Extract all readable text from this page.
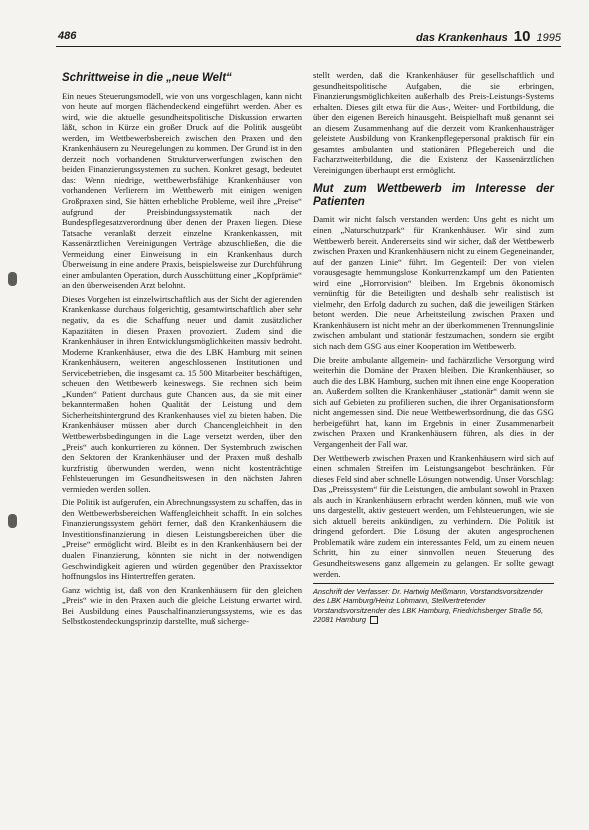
486	das Krankenhaus 10 1995
Schrittweise in die „neue Welt“

Ein neues Steuerungsmodell, wie von uns vorgeschlagen, kann nicht von heute auf morgen flächendeckend eingeführt werden. Aber es wird, wie die aktuelle gesundheitspolitische Diskussion erwarten läßt, schon in Kürze ein großer Druck auf die Politik ausgeübt werden, im Wettbewerbsbereich zwischen den Praxen und den Krankenhäusern zu Neuregelungen zu kommen. Der Grund ist in den derzeit noch vorhandenen Strukturverwerfungen zwischen den beiden Finanzierungssystemen zu suchen. Konkret gesagt, bedeutet das: Wenn niedrige, wettbewerbsfähige Krankenhäuser von vorhandenen Verlierern im Wettbewerb mit einigen wenigen Großpraxen sind, Sie hätten erhebliche Probleme, weil ihre „Preise“ aufgrund der Preisbindungssystematik nach der Bundespflegesatzverordnung über denen der Praxen liegen. Diese Tatsache veranlaßt derzeit einzelne Krankenkassen, mit Kassenärztlichen Vereinigungen Verträge abzuschließen, die die Vermeidung einer Einweisung in ein Krankenhaus durch Überweisung in eine andere Praxis, beispielsweise zur Durchführung einer ambulanten Operation, durch Ausschüttung einer „Kopfprämie“ an den überweisenden Arzt belohnt.

Dieses Vorgehen ist einzelwirtschaftlich aus der Sicht der agierenden Krankenkasse durchaus folgerichtig, gesamtwirtschaftlich aber sehr negativ, da es die Schaffung neuer und damit zusätzlicher Kapazitäten in diesen Praxen provoziert. Zudem sind die Krankenhäuser in ihren Entwicklungsmöglichkeiten massiv bedroht. Moderne Krankenhäuser, etwa die des LBK Hamburg mit seinen Krankenhäusern, weiteren angeschlossenen Institutionen und Servicebetrieben, die insgesamt ca. 15 500 Mitarbeiter beschäftigen, scheuen den Wettbewerb keineswegs. Sie rechnen sich beim „Kunden“ Patient durchaus gute Chancen aus, da sie mit einer bekanntermaßen hohen Qualität der Leistung und dem Sicherheitshintergrund des Krankenhauses viel zu bieten haben. Die Krankenhäuser müssen aber durch Chancengleichheit in den Wettbewerbsbedingungen in die Lage versetzt werden, über den „Preis“ auch konkurrieren zu können. Der Systembruch zwischen den Sektoren der Krankenhäuser und der Praxen muß deshalb kurzfristig überwunden werden, wenn nicht kostenträchtige Fehlsteuerungen im Gesundheitswesen in den nächsten Jahren vermieden werden sollen.

Die Politik ist aufgerufen, ein Abrechnungssystem zu schaffen, das in den Wettbewerbsbereichen Waffengleichheit schafft. In ein solches Finanzierungssystem gehört ferner, daß den Krankenhäusern die Investitionsfinanzierung in diesen Leistungsbereichen über die „Preise“ ermöglicht wird. Bleibt es in den Krankenhäusern bei der dualen Finanzierung, könnten sie nicht in der notwendigen Geschwindigkeit agieren und würden gegenüber den Praxissektor hoffnungslos ins Hintertreffen geraten.

Ganz wichtig ist, daß von den Krankenhäusern für den gleichen „Preis“ wie in den Praxen auch die gleiche Leistung erwartet wird. Bei Ausbildung eines Pauschalfinanzierungssystems, wie es das Selbstkostendeckungsprinzip darstellte, muß sicherge-

stellt werden, daß die Krankenhäuser für gesellschaftlich und gesundheitspolitische Aufgaben, die sie erbringen, Finanzierungsmöglichkeiten außerhalb des Preis-Leistungs-Systems erhalten. Dieses gilt etwa für die Aus-, Weiter- und Fortbildung, die über den eigenen Bereich hinausgeht. Beispielhaft muß genannt sei an diesem Zusammenhang auf die derzeit vom Krankenhausträger geleistete Ausbildung von Krankenpflegepersonal praktisch für ein gesamtes ambulanten und stationären Pflegebereich und die Facharztweiterbildung, die die Existenz der Kassenärztlichen Vereinigungen überhaupt erst ermöglicht.

Mut zum Wettbewerb im Interesse der Patienten

Damit wir nicht falsch verstanden werden: Uns geht es nicht um einen „Naturschutzpark“ für Krankenhäuser. Wir sind zum Wettbewerb bereit. Andererseits sind wir sicher, daß der Wettbewerb zwischen Praxen und Krankenhäusern nicht zu einem Gegeneinander, auf der ganzen Linie“ führt. Im Gegenteil: Der von vielen vorausgesagte hemmungslose Konkurrenzkampf um den Patienten wird eine „Horrorvision“ bleiben. Im Ergebnis ökonomisch vernünftig für die Beteiligten und deshalb sehr realistisch ist vielmehr, den Erfolg dadurch zu suchen, daß die jeweiligen Stärken betont werden. Die neue Arbeitsteilung zwischen Praxen und Krankenhäusern ist nicht mehr an der überkommenen Trennungslinie zwischen ambulant und stationär festzumachen, sondern sie ergibt sich nach dem GSG aus einer Kooperation im Wettbewerb.

Die breite ambulante allgemein- und fachärztliche Versorgung wird weiterhin die Domäne der Praxen bleiben. Die Krankenhäuser, so auch die des LBK Hamburg, suchen mit ihnen eine enge Kooperation an. Außerdem sollten die Krankenhäuser „stationär“ damit wenn sie sich auf Gebieten zu profilieren suchen, die ihrer Organisationsform nicht angemessen sind. Die neue Wettbewerbsordnung, die das GSG herbeigeführt hat, kann im Ergebnis in einer Zusammenarbeit zwischen Praxen und Krankenhäusern führen, als dies in der Vergangenheit der Fall war.

Der Wettbewerb zwischen Praxen und Krankenhäusern wird sich auf einen schmalen Streifen im Leistungsangebot beschränken. Für dieses Feld sind aber schnelle Lösungen notwendig. Unser Vorschlag: Das „Preissystem“ für die Leistungen, die ambulant sowohl in Praxen als auch in Krankenhäusern erbracht werden können, muß wie von uns dargestellt, aktiv gesteuert werden, um Fehlsteuerungen, wie sie sich aktuell bereits ankündigen, zu verhindern. Die Politik ist dringend gefordert. Die Lösung der akuten angesprochenen Problematik wäre zudem ein interessantes Feld, um zu einem neuen Schritt, hin zu einer sinnvollen neuen Steuerung des Gesundheitswesens ganz allgemein zu gelangen. Er sollte gewagt werden.

Anschrift der Verfasser: Dr. Hartwig Meißmann, Vorstandsvorsitzender des LBK Hamburg/Heinz Lohmann, Stellvertretender Vorstandsvorsitzender des LBK Hamburg, Friedrichsberger Straße 56, 22081 Hamburg
